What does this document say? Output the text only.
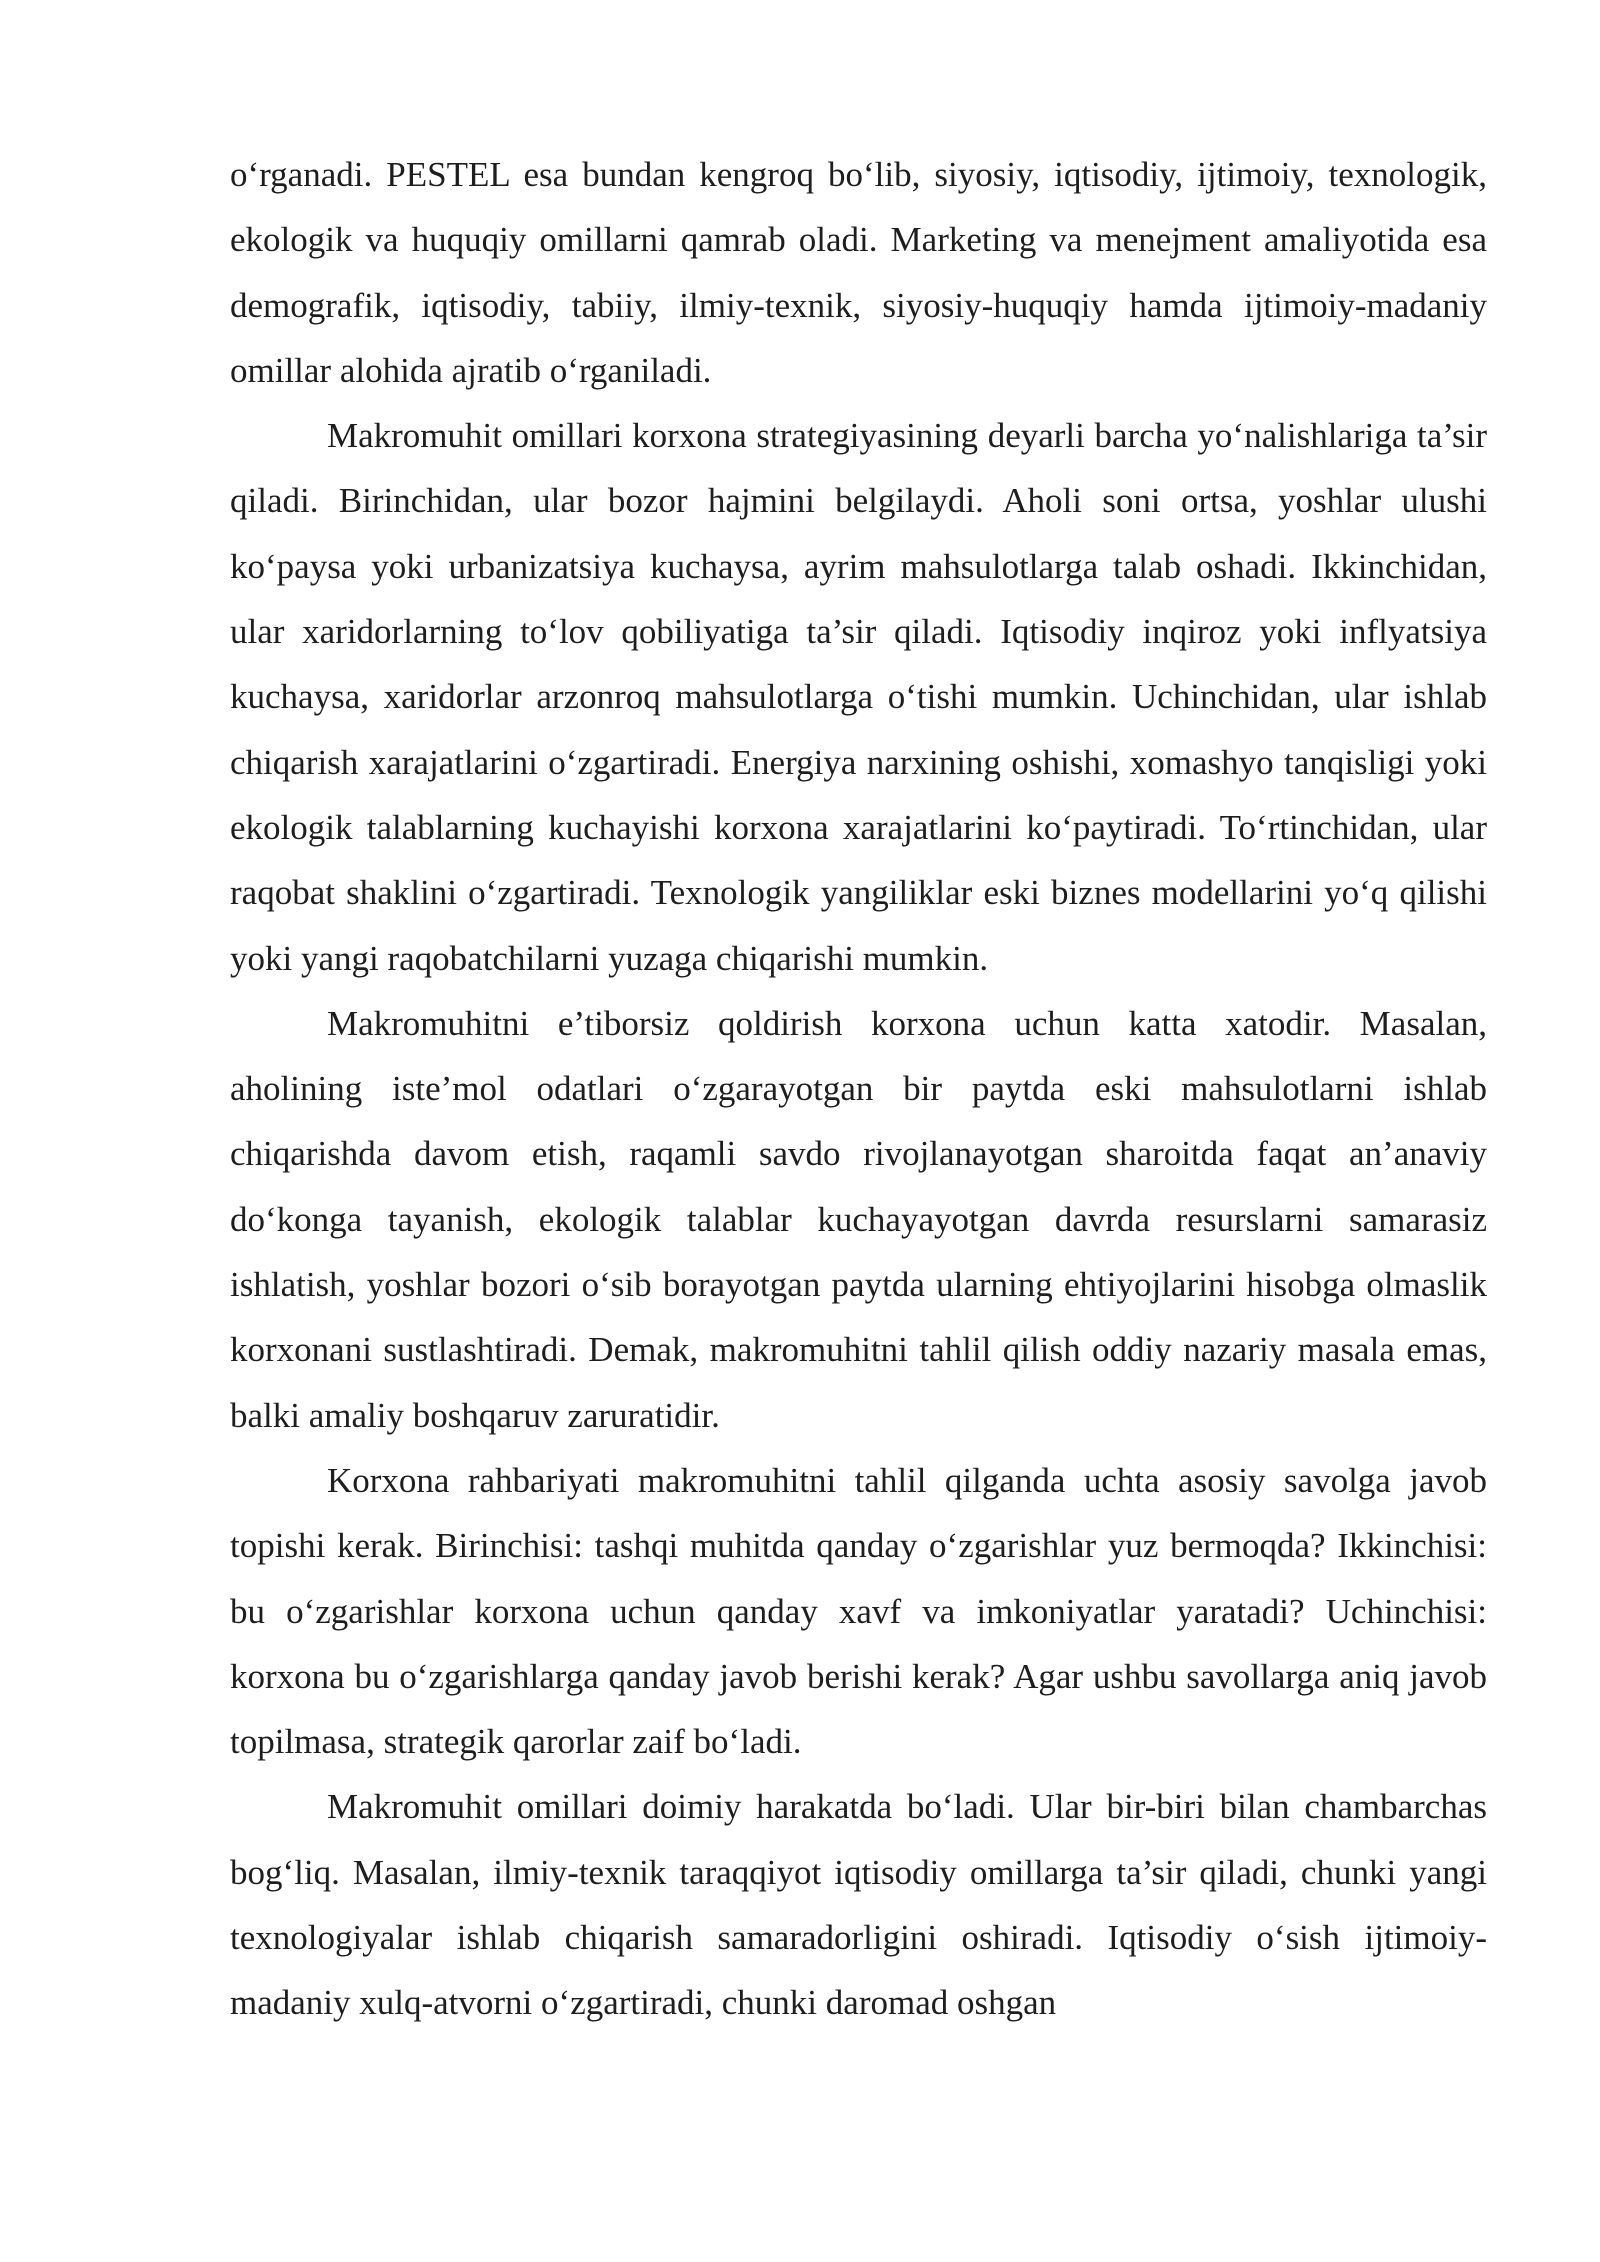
o‘rganadi. PESTEL esa bundan kengroq bo‘lib, siyosiy, iqtisodiy, ijtimoiy, texnologik, ekologik va huquqiy omillarni qamrab oladi. Marketing va menejment amaliyotida esa demografik, iqtisodiy, tabiiy, ilmiy-texnik, siyosiy-huquqiy hamda ijtimoiy-madaniy omillar alohida ajratib o‘rganiladi.

Makromuhit omillari korxona strategiyasining deyarli barcha yo‘nalishlariga ta’sir qiladi. Birinchidan, ular bozor hajmini belgilaydi. Aholi soni ortsa, yoshlar ulushi ko‘paysa yoki urbanizatsiya kuchaysa, ayrim mahsulotlarga talab oshadi. Ikkinchidan, ular xaridorlarning to‘lov qobiliyatiga ta’sir qiladi. Iqtisodiy inqiroz yoki inflyatsiya kuchaysa, xaridorlar arzonroq mahsulotlarga o‘tishi mumkin. Uchinchidan, ular ishlab chiqarish xarajatlarini o‘zgartiradi. Energiya narxining oshishi, xomashyo tanqisligi yoki ekologik talablarning kuchayishi korxona xarajatlarini ko‘paytiradi. To‘rtinchidan, ular raqobat shaklini o‘zgartiradi. Texnologik yangiliklar eski biznes modellarini yo‘q qilishi yoki yangi raqobatchilarni yuzaga chiqarishi mumkin.

Makromuhitni e’tiborsiz qoldirish korxona uchun katta xatodir. Masalan, aholining iste’mol odatlari o‘zgarayotgan bir paytda eski mahsulotlarni ishlab chiqarishda davom etish, raqamli savdo rivojlanayotgan sharoitda faqat an’anaviy do‘konga tayanish, ekologik talablar kuchayayotgan davrda resurslarni samarasiz ishlatish, yoshlar bozori o‘sib borayotgan paytda ularning ehtiyojlarini hisobga olmaslik korxonani sustlashtiradi. Demak, makromuhitni tahlil qilish oddiy nazariy masala emas, balki amaliy boshqaruv zaruratidir.

Korxona rahbariyati makromuhitni tahlil qilganda uchta asosiy savolga javob topishi kerak. Birinchisi: tashqi muhitda qanday o‘zgarishlar yuz bermoqda? Ikkinchisi: bu o‘zgarishlar korxona uchun qanday xavf va imkoniyatlar yaratadi? Uchinchisi: korxona bu o‘zgarishlarga qanday javob berishi kerak? Agar ushbu savollarga aniq javob topilmasa, strategik qarorlar zaif bo‘ladi.

Makromuhit omillari doimiy harakatda bo‘ladi. Ular bir-biri bilan chambarchas bog‘liq. Masalan, ilmiy-texnik taraqqiyot iqtisodiy omillarga ta’sir qiladi, chunki yangi texnologiyalar ishlab chiqarish samaradorligini oshiradi. Iqtisodiy o‘sish ijtimoiy-madaniy xulq-atvorni o‘zgartiradi, chunki daromad oshgan
